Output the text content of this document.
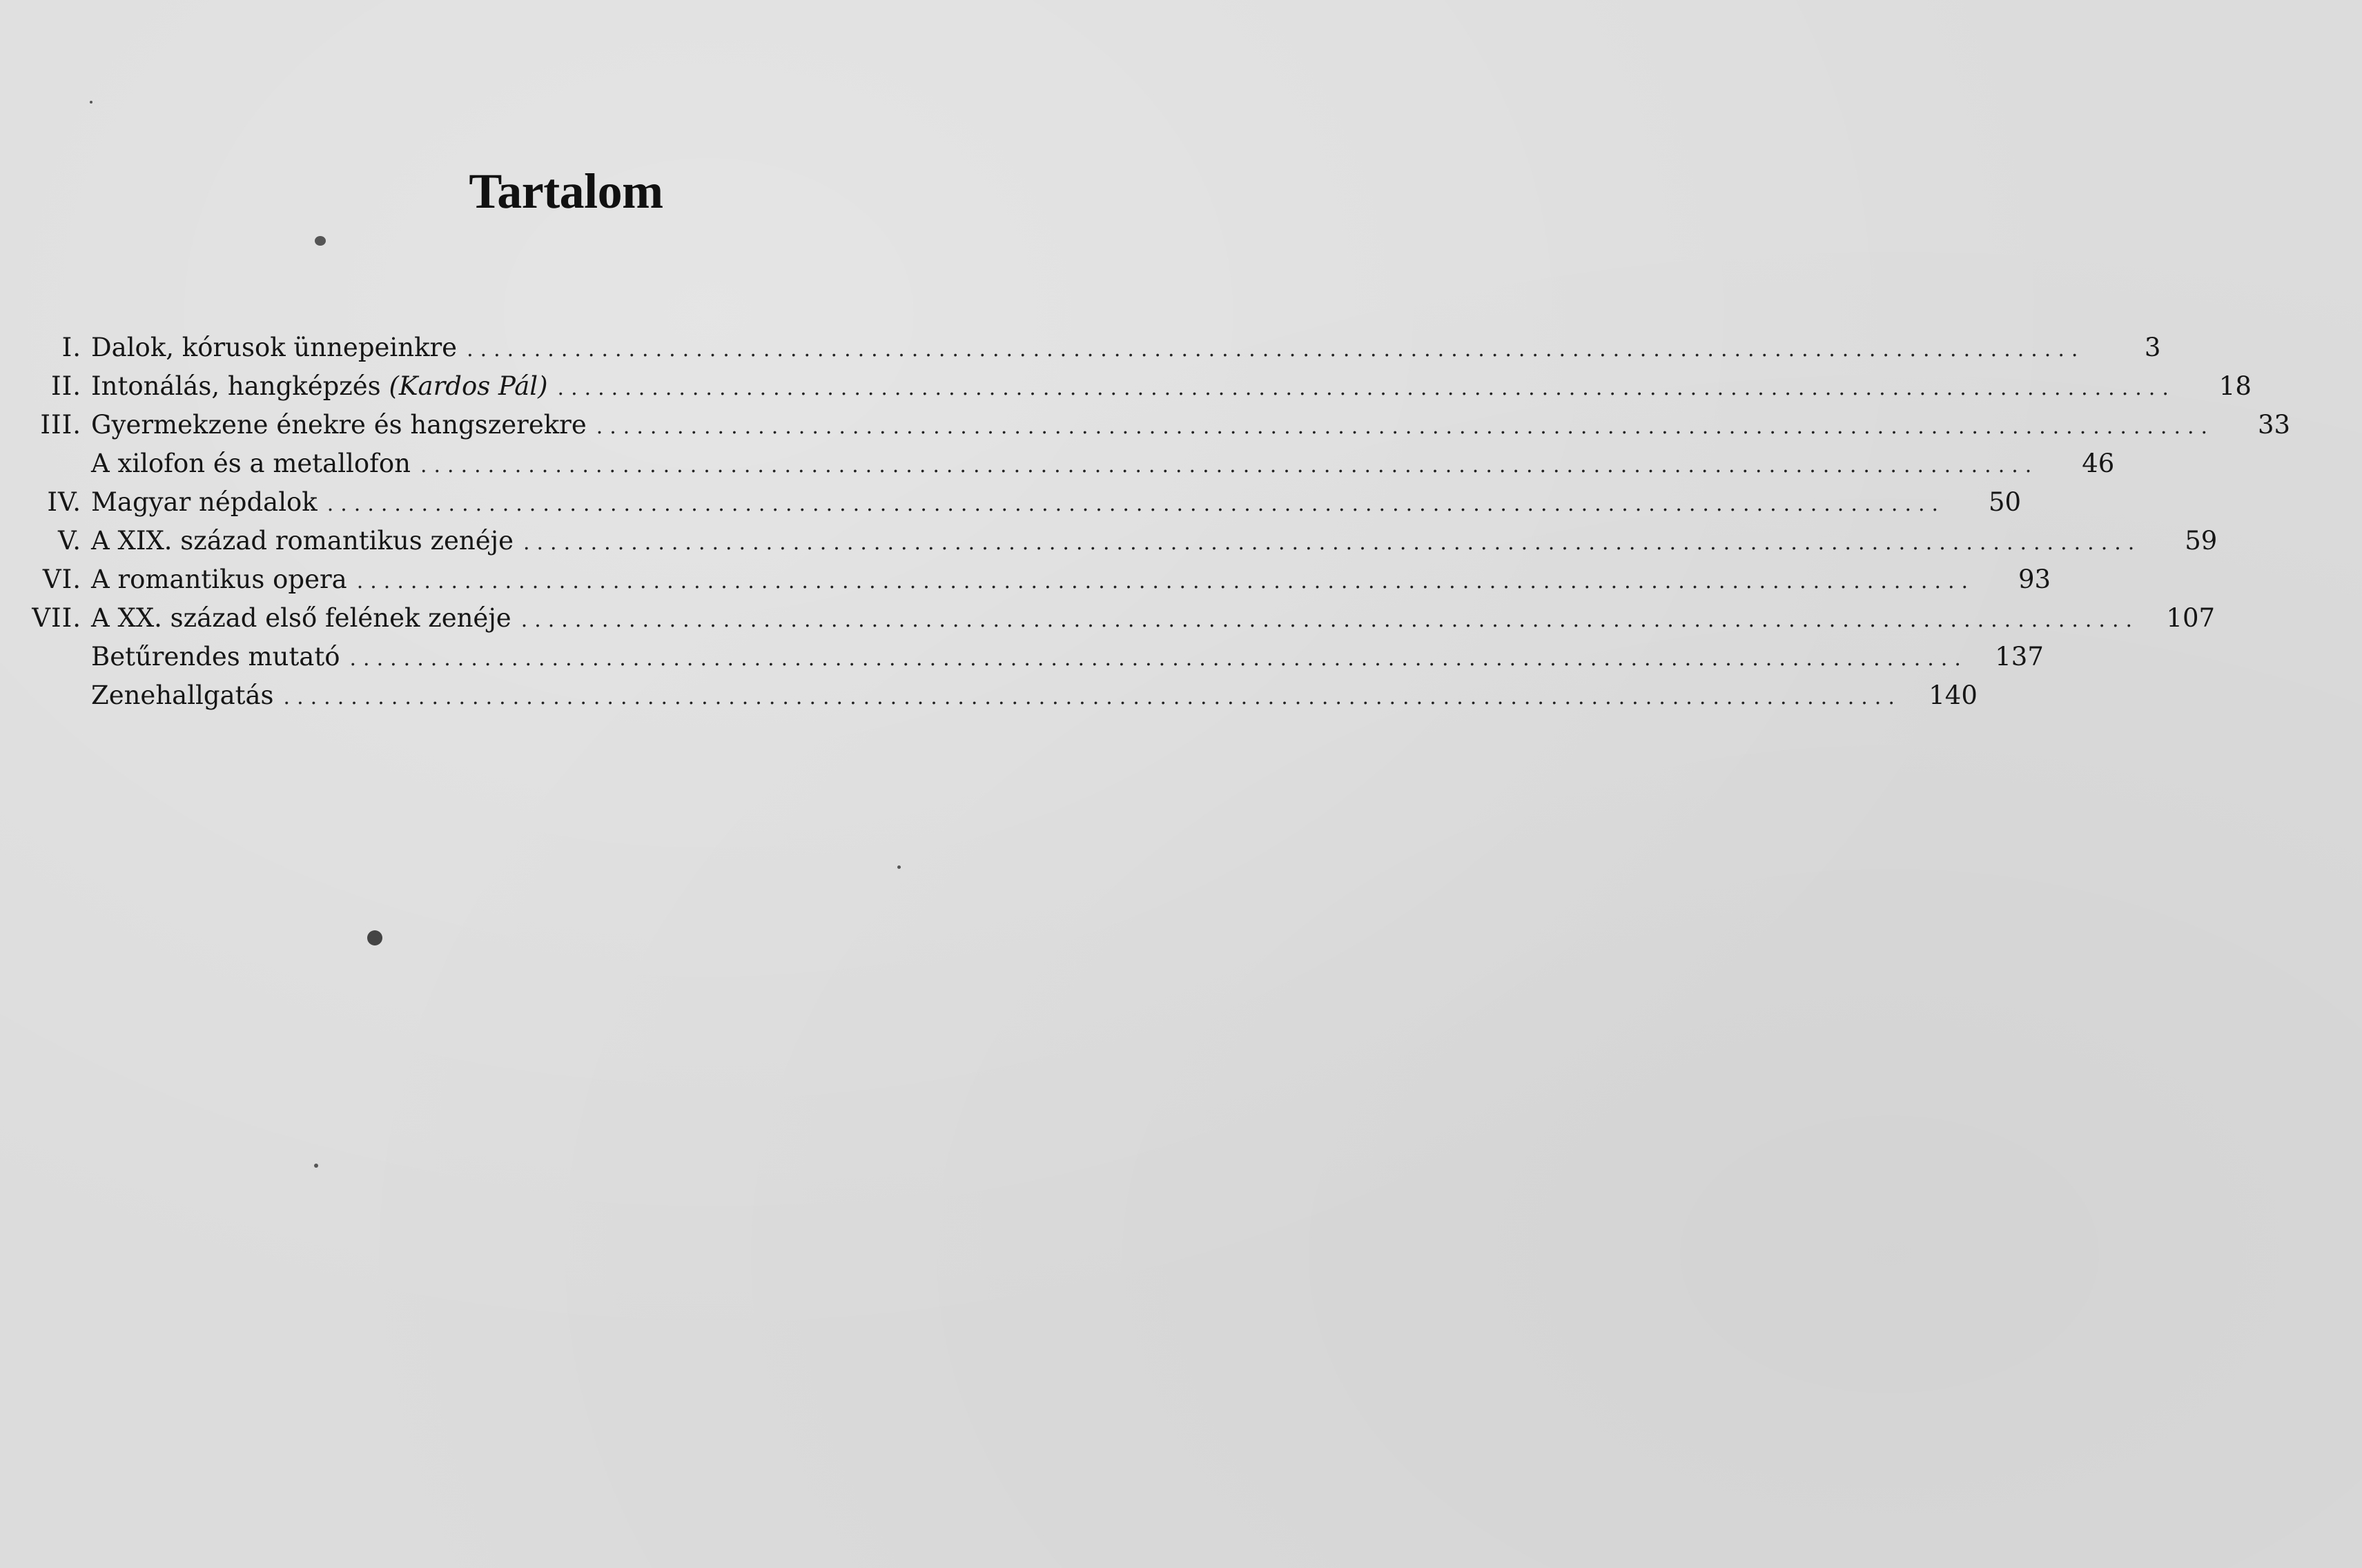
Tartalom
I. Dalok, kórusok ünnepeinkre ........................................................................................................................	3
II. Intonálás, hangképzés (Kardos Pál) ........................................................................................................................	18
III. Gyermekzene énekre és hangszerekre ........................................................................................................................	33
A xilofon és a metallofon ........................................................................................................................	46
IV. Magyar népdalok ........................................................................................................................	50
V. A XIX. század romantikus zenéje ........................................................................................................................	59
VI. A romantikus opera ........................................................................................................................	93
VII. A XX. század első felének zenéje ........................................................................................................................	107
Betűrendes mutató ........................................................................................................................	137
Zenehallgatás ........................................................................................................................	140
